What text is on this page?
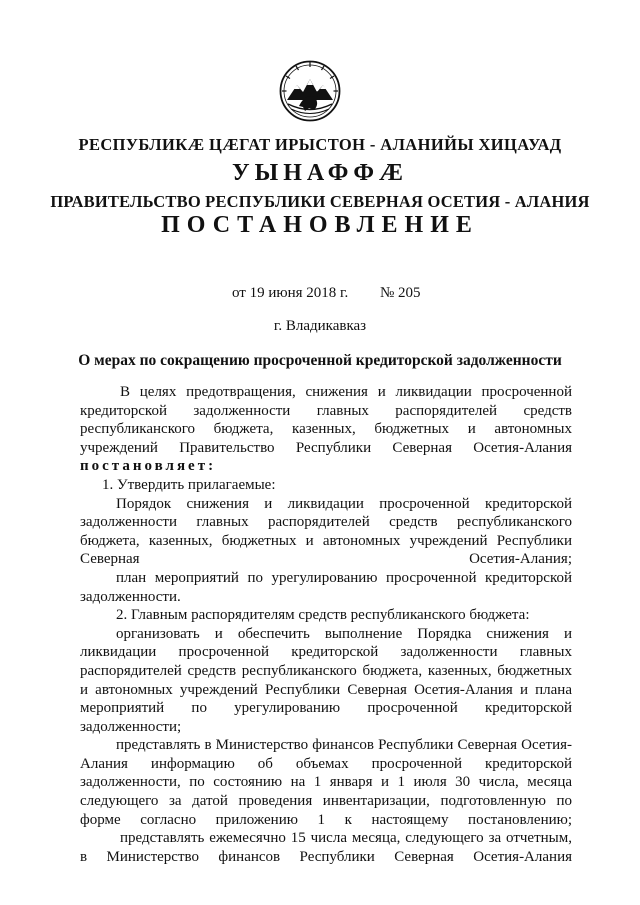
РЕСПУБЛИКӔ ЦӔГАТ ИРЫСТОН - АЛАНИЙЫ ХИЦАУАД
УЫНАФФӔ
ПРАВИТЕЛЬСТВО РЕСПУБЛИКИ СЕВЕРНАЯ ОСЕТИЯ - АЛАНИЯ
ПОСТАНОВЛЕНИЕ
от 19 июня 2018 г. № 205
г. Владикавказ
О мерах по сокращению просроченной кредиторской задолженности

В целях предотвращения, снижения и ликвидации просроченной кредиторской задолженности главных распорядителей средств республиканского бюджета, казенных, бюджетных и автономных учреждений Правительство Республики Северная Осетия-Алания

постановляет:

1. Утвердить прилагаемые:

Порядок снижения и ликвидации просроченной кредиторской задолженности главных распорядителей средств республиканского бюджета, казенных, бюджетных и автономных учреждений Республики Северная Осетия-Алания;

план мероприятий по урегулированию просроченной кредиторской задолженности.

2. Главным распорядителям средств республиканского бюджета:

организовать и обеспечить выполнение Порядка снижения и ликвидации просроченной кредиторской задолженности главных распорядителей средств республиканского бюджета, казенных, бюджетных и автономных учреждений Республики Северная Осетия-Алания и плана мероприятий по урегулированию просроченной кредиторской задолженности;

представлять в Министерство финансов Республики Северная Осетия-Алания информацию об объемах просроченной кредиторской задолженности, по состоянию на 1 января и 1 июля 30 числа, месяца следующего за датой проведения инвентаризации, подготовленную по форме согласно приложению 1 к настоящему постановлению;

представлять ежемесячно 15 числа месяца, следующего за отчетным, в Министерство финансов Республики Северная Осетия-Алания
